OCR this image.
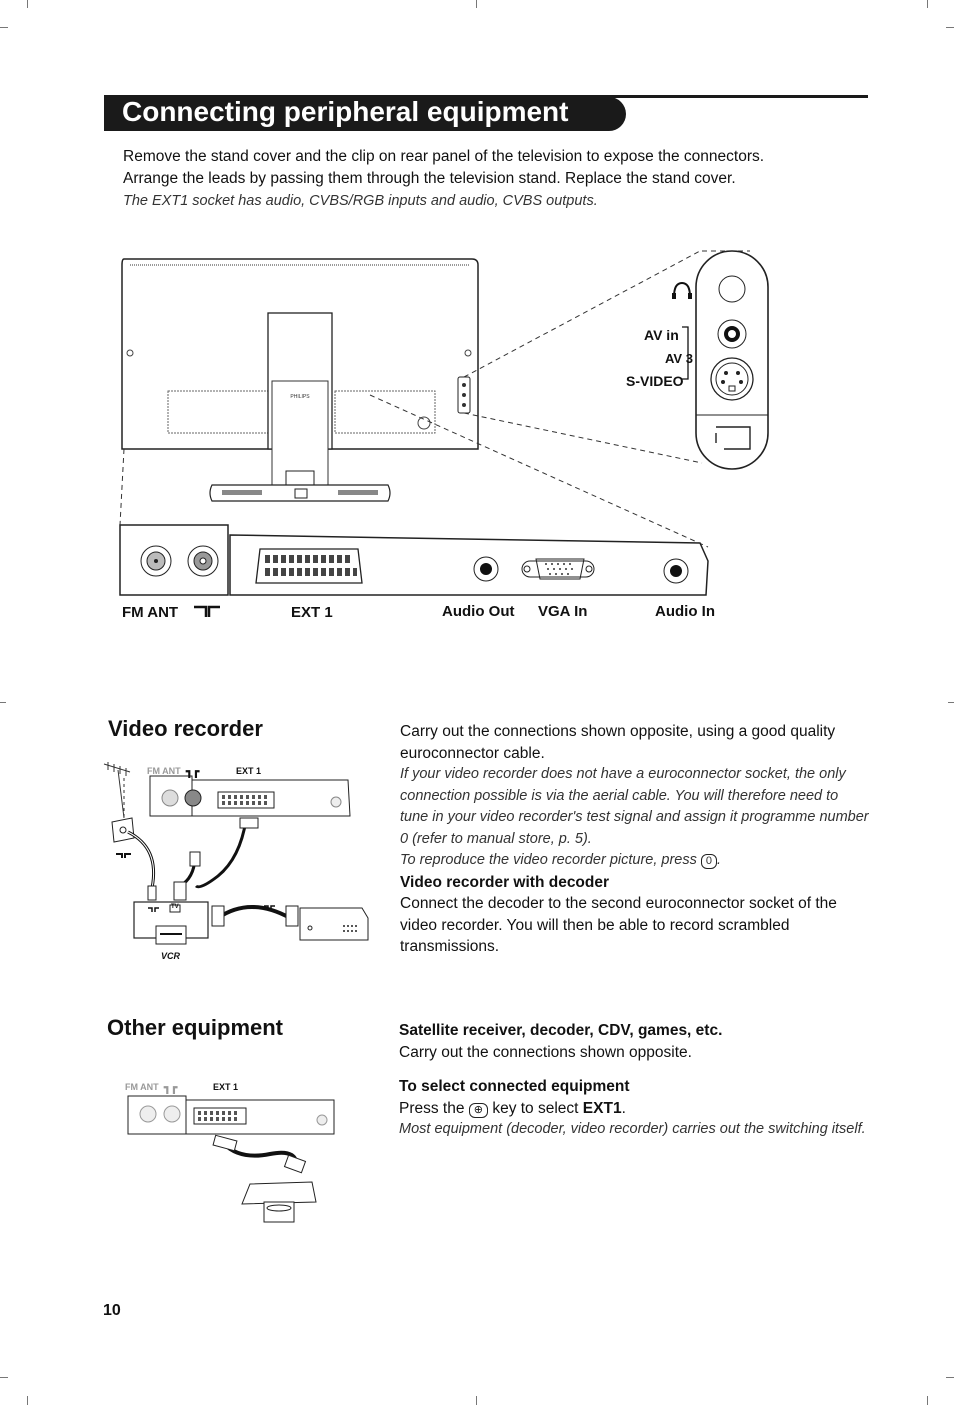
Connecting peripheral equipment
Remove the stand cover and the clip on rear panel of the television to expose the connectors.
Arrange the leads by passing them through the television stand. Replace the stand cover.
The EXT1 socket has audio, CVBS/RGB inputs and audio, CVBS outputs.
PHILIPS
AV in
AV 3
S-VIDEO
FM ANT	EXT 1	Audio Out VGA In	Audio In
Video recorder
FM ANT ┓┏	EXT 1
TV
VCR
Carry out the connections shown opposite, using a good quality euroconnector cable.
If your video recorder does not have a euroconnector socket, the only connection possible is via the aerial cable. You will therefore need to tune in your video recorder's test signal and assign it programme number 0 (refer to manual store, p. 5).
To reproduce the video recorder picture, press 0 .
Video recorder with decoder
Connect the decoder to the second euroconnector socket of the video recorder. You will then be able to record scrambled transmissions.
Other equipment
FM ANT ┓┏	EXT 1
Satellite receiver, decoder, CDV, games, etc.
Carry out the connections shown opposite.
To select connected equipment
Press the ⊕ key to select EXT1.
Most equipment (decoder, video recorder) carries out the switching itself.
10
